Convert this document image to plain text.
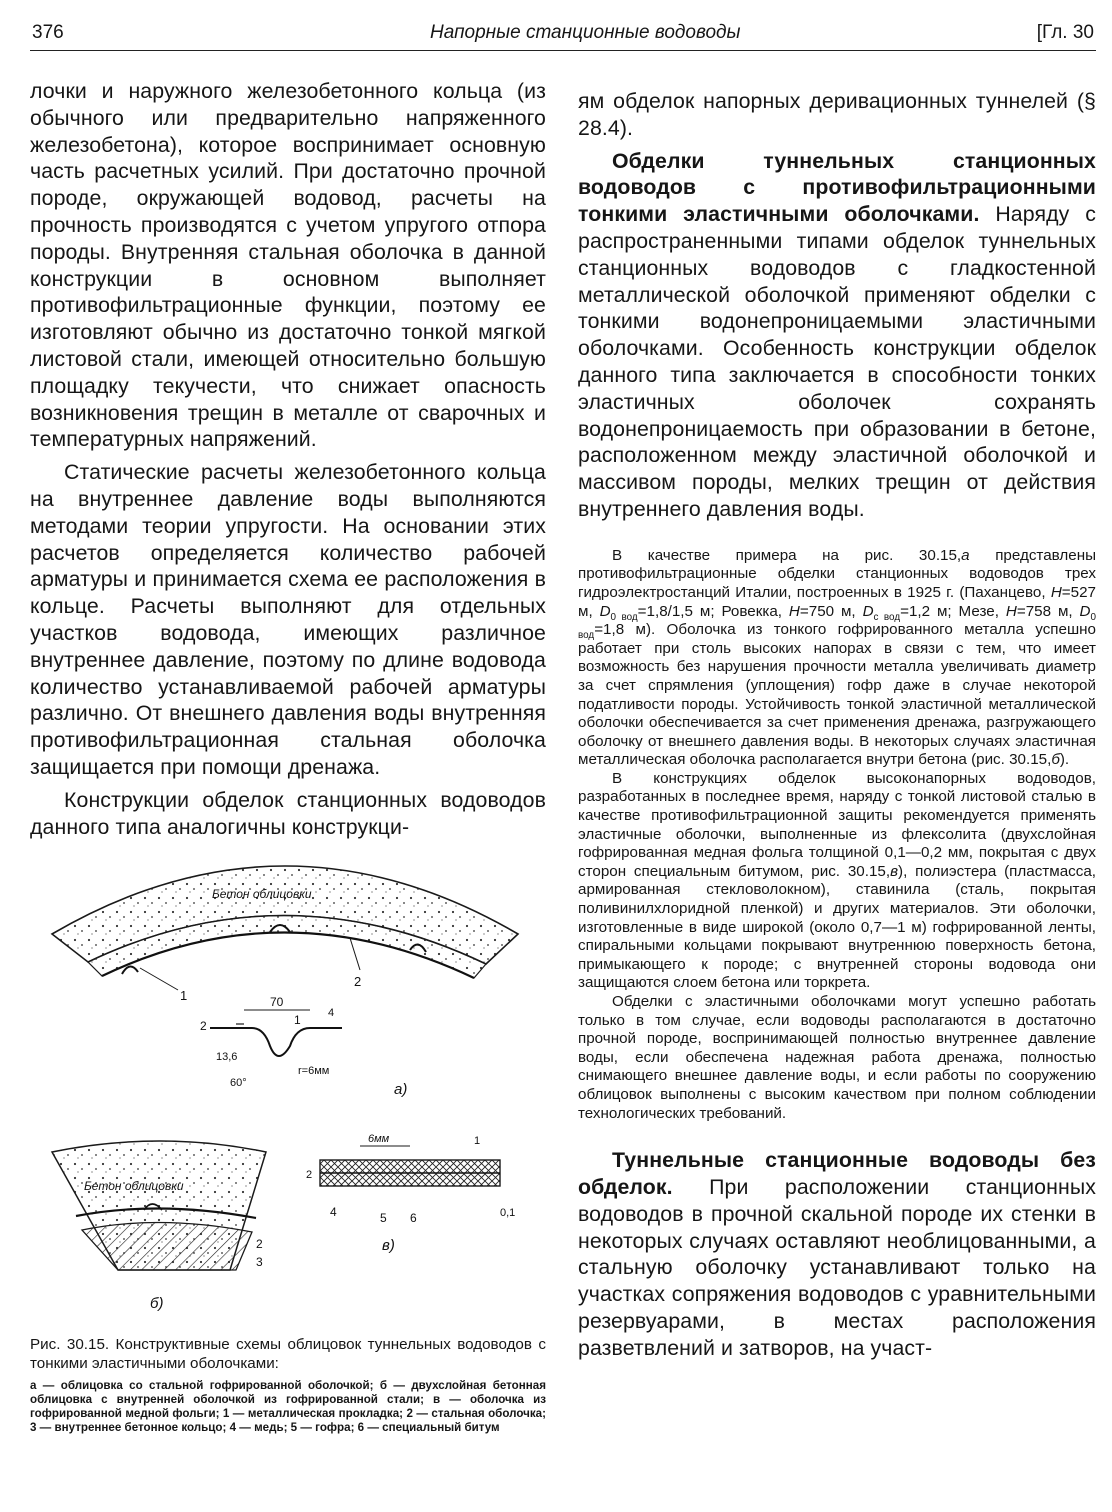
376	Напорные станционные водоводы	[Гл. 30

лочки и наружного железобетонного кольца (из обычного или предварительно напряженного железобетона), которое воспринимает основную часть расчетных усилий. При достаточно прочной породе, окружающей водовод, расчеты на прочность производятся с учетом упругого отпора породы. Внутренняя стальная оболочка в данной конструкции в основном выполняет противофильтрационные функции, поэтому ее изготовляют обычно из достаточно тонкой мягкой листовой стали, имеющей относительно большую площадку текучести, что снижает опасность возникновения трещин в металле от сварочных и температурных напряжений.

Статические расчеты железобетонного кольца на внутреннее давление воды выполняются методами теории упругости. На основании этих расчетов определяется количество рабочей арматуры и принимается схема ее расположения в кольце. Расчеты выполняют для отдельных участков водовода, имеющих различное внутреннее давление, поэтому по длине водовода количество устанавливаемой рабочей арматуры различно. От внешнего давления воды внутренняя противофильтрационная стальная оболочка защищается при помощи дренажа.

Конструкции обделок станционных водоводов данного типа аналогичны конструкци-

ям обделок напорных деривационных туннелей (§ 28.4).

Обделки туннельных станционных водоводов с противофильтрационными тонкими эластичными оболочками. Наряду с распространенными типами обделок туннельных станционных водоводов с гладкостенной металлической оболочкой применяют обделки с тонкими водонепроницаемыми эластичными оболочками. Особенность конструкции обделок данного типа заключается в способности тонких эластичных оболочек сохранять водонепроницаемость при образовании в бетоне, расположенном между эластичной оболочкой и массивом породы, мелких трещин от действия внутреннего давления воды.

В качестве примера на рис. 30.15,а представлены противофильтрационные обделки станционных водоводов трех гидроэлектростанций Италии, построенных в 1925 г. (Паханцево, H=527 м, $D_{0 вод}=1,8/1,5$ м; Ровекка, H=750 м, $D_{с вод}=1,2$ м; Мезе, H=758 м, $D_{0 вод}=1,8$ м). Оболочка из тонкого гофрированного металла успешно работает при столь высоких напорах в связи с тем, что имеет возможность без нарушения прочности металла увеличивать диаметр за счет спрямления (уплощения) гофр даже в случае некоторой податливости породы. Устойчивость тонкой эластичной металлической оболочки обеспечивается за счет применения дренажа, разгружающего оболочку от внешнего давления воды. В некоторых случаях эластичная металлическая оболочка располагается внутри бетона (рис. 30.15,б).

В конструкциях обделок высоконапорных водоводов, разработанных в последнее время, наряду с тонкой листовой сталью в качестве противофильтрационной защиты рекомендуется применять эластичные оболочки, выполненные из флексолита (двухслойная гофрированная медная фольга толщиной 0,1—0,2 мм, покрытая с двух сторон специальным битумом, рис. 30.15,в), полиэстера (пластмасса, армированная стекловолокном), ставинила (сталь, покрытая поливинилхлоридной пленкой) и других материалов. Эти оболочки, изготовленные в виде широкой (около 0,7—1 м) гофрированной ленты, спиральными кольцами покрывают внутреннюю поверхность бетона, примыкающего к породе; с внутренней стороны водовода они защищаются слоем бетона или торкрета.

Обделки с эластичными оболочками могут успешно работать только в том случае, если водоводы располагаются в достаточно прочной породе, воспринимающей полностью внутреннее давление воды, если обеспечена надежная работа дренажа, полностью снимающего внешнее давление воды, и если работы по сооружению облицовок выполнены с высоким качеством при полном соблюдении технологических требований.

Туннельные станционные водоводы без обделок. При расположении станционных водоводов в прочной скальной породе их стенки в некоторых случаях оставляют необлицованными, а стальную оболочку устанавливают только на участках сопряжения водоводов с уравнительными резервуарами, в местах расположения разветвлений и затворов, на участ-

Бетон облицовки
1
2
70
4
2	1
13,6
60°
r=6мм
а)
Бетон облицовки
2
3
б)
6мм	1
2
4	5 6	0,1
в)

Рис. 30.15. Конструктивные схемы облицовок туннельных водоводов с тонкими эластичными оболочками:

а — облицовка со стальной гофрированной оболочкой; б — двухслойная бетонная облицовка с внутренней оболочкой из гофрированной стали; в — оболочка из гофрированной медной фольги; 1 — металлическая прокладка; 2 — стальная оболочка; 3 — внутреннее бетонное кольцо; 4 — медь; 5 — гофра; 6 — специальный битум
